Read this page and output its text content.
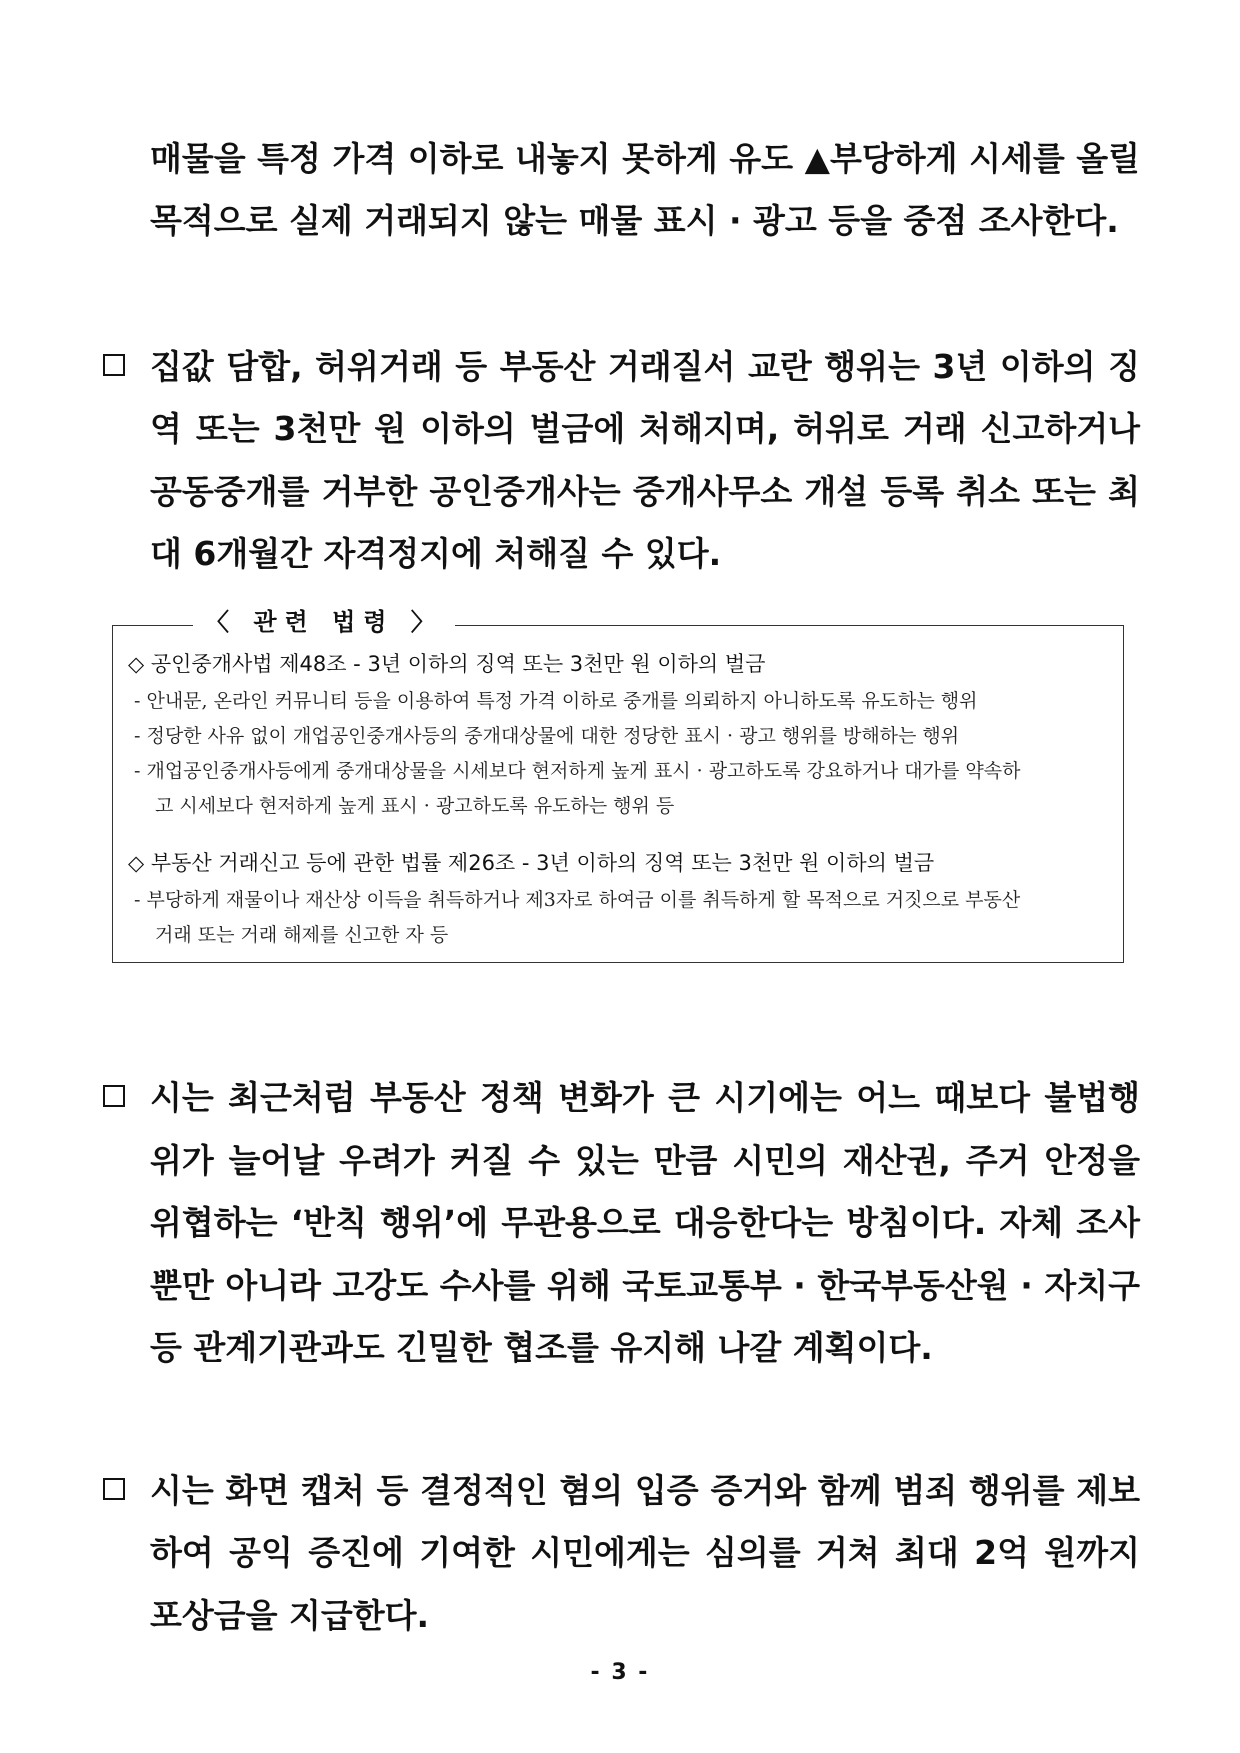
매물을 특정 가격 이하로 내놓지 못하게 유도 ▲부당하게 시세를 올릴
목적으로 실제 거래되지 않는 매물 표시 · 광고 등을 중점 조사한다.
집값 담합, 허위거래 등 부동산 거래질서 교란 행위는 3년 이하의 징
역 또는 3천만 원 이하의 벌금에 처해지며, 허위로 거래 신고하거나
공동중개를 거부한 공인중개사는 중개사무소 개설 등록 취소 또는 최
대 6개월간 자격정지에 처해질 수 있다.
〈 관련 법령 〉
◇ 공인중개사법 제48조 - 3년 이하의 징역 또는 3천만 원 이하의 벌금
- 안내문, 온라인 커뮤니티 등을 이용하여 특정 가격 이하로 중개를 의뢰하지 아니하도록 유도하는 행위
- 정당한 사유 없이 개업공인중개사등의 중개대상물에 대한 정당한 표시 · 광고 행위를 방해하는 행위
- 개업공인중개사등에게 중개대상물을 시세보다 현저하게 높게 표시 · 광고하도록 강요하거나 대가를 약속하
고 시세보다 현저하게 높게 표시 · 광고하도록 유도하는 행위 등
◇ 부동산 거래신고 등에 관한 법률 제26조 - 3년 이하의 징역 또는 3천만 원 이하의 벌금
- 부당하게 재물이나 재산상 이득을 취득하거나 제3자로 하여금 이를 취득하게 할 목적으로 거짓으로 부동산
거래 또는 거래 해제를 신고한 자 등
시는 최근처럼 부동산 정책 변화가 큰 시기에는 어느 때보다 불법행
위가 늘어날 우려가 커질 수 있는 만큼 시민의 재산권, 주거 안정을
위협하는 ‘반칙 행위’에 무관용으로 대응한다는 방침이다. 자체 조사
뿐만 아니라 고강도 수사를 위해 국토교통부 · 한국부동산원 · 자치구
등 관계기관과도 긴밀한 협조를 유지해 나갈 계획이다.
시는 화면 캡처 등 결정적인 혐의 입증 증거와 함께 범죄 행위를 제보
하여 공익 증진에 기여한 시민에게는 심의를 거쳐 최대 2억 원까지
포상금을 지급한다.
- 3 -
